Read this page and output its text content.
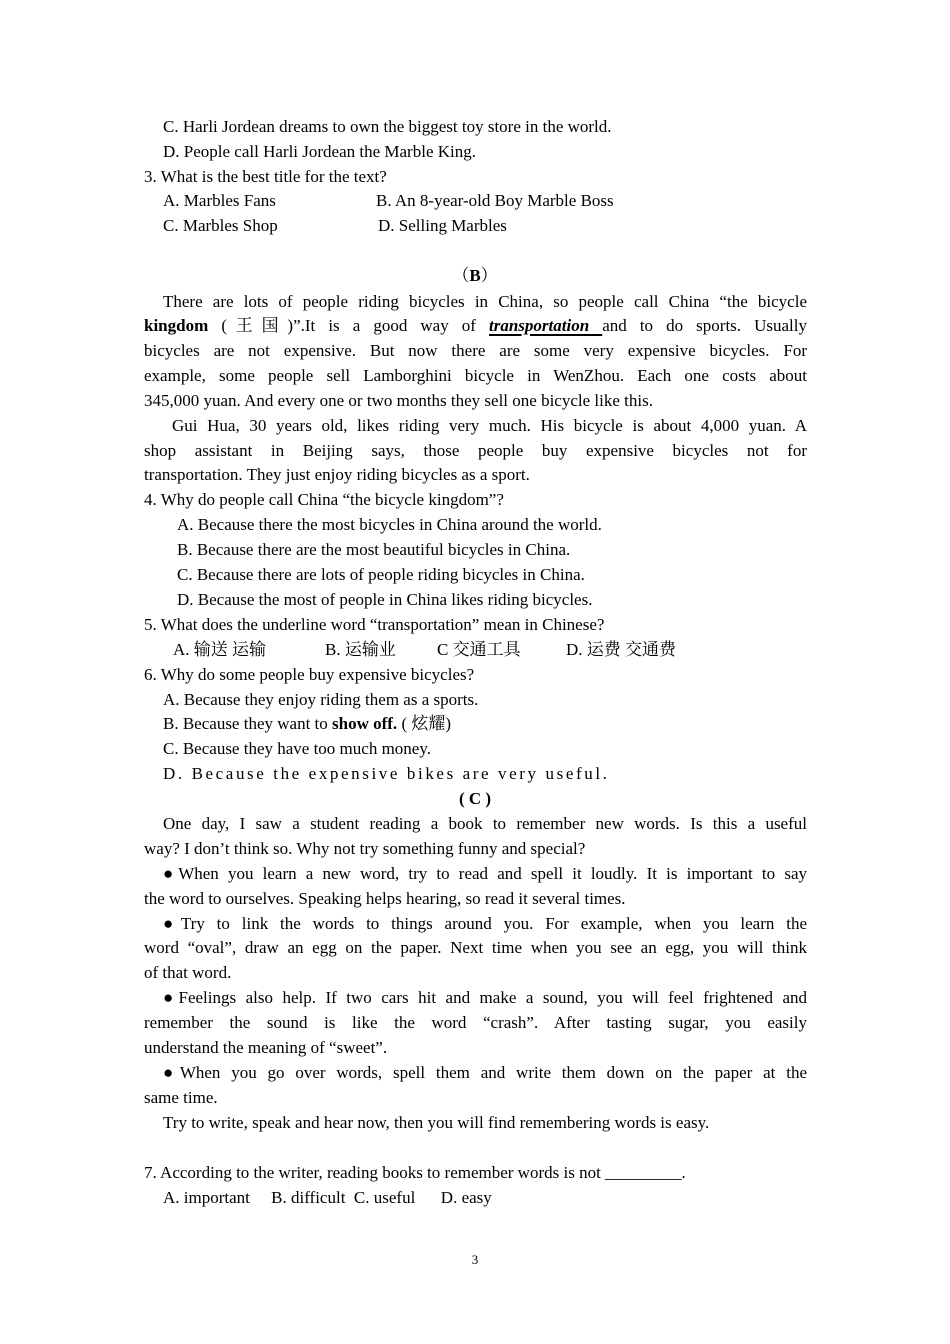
C. Harli Jordean dreams to own the biggest toy store in the world.
D. People call Harli Jordean the Marble King.
3. What is the best title for the text?
A. Marbles Fans	B. An 8-year-old Boy Marble Boss
C. Marbles Shop	D. Selling Marbles
（B）
There are lots of people riding bicycles in China, so people call China “the bicycle
kingdom (王国)”.It is a good way of transportation and to do sports. Usually
bicycles are not expensive. But now there are some very expensive bicycles. For
example, some people sell Lamborghini bicycle in WenZhou. Each one costs about
345,000 yuan. And every one or two months they sell one bicycle like this.
Gui Hua, 30 years old, likes riding very much. His bicycle is about 4,000 yuan. A
shop assistant in Beijing says, those people buy expensive bicycles not for
transportation. They just enjoy riding bicycles as a sport.
4. Why do people call China “the bicycle kingdom”?
A. Because there the most bicycles in China around the world.
B. Because there are the most beautiful bicycles in China.
C. Because there are lots of people riding bicycles in China.
D. Because the most of people in China likes riding bicycles.
5. What does the underline word “transportation” mean in Chinese?
A. 输送 运输	B. 运输业 C 交通工具	D. 运费 交通费
6. Why do some people buy expensive bicycles?
A. Because they enjoy riding them as a sports.
B. Because they want to show off. ( 炫耀)
C. Because they have too much money.
D. Because the expensive bikes are very useful.
( C )
One day, I saw a student reading a book to remember new words. Is this a useful
way? I don’t think so. Why not try something funny and special?
●When you learn a new word, try to read and spell it loudly. It is important to say
the word to ourselves. Speaking helps hearing, so read it several times.
●Try to link the words to things around you. For example, when you learn the
word “oval”, draw an egg on the paper. Next time when you see an egg, you will think
of that word.
●Feelings also help. If two cars hit and make a sound, you will feel frightened and
remember the sound is like the word “crash”. After tasting sugar, you easily
understand the meaning of “sweet”.
●When you go over words, spell them and write them down on the paper at the
same time.
Try to write, speak and hear now, then you will find remembering words is easy.
7. According to the writer, reading books to remember words is not _________.
A. important     B. difficult  C. useful      D. easy
3
